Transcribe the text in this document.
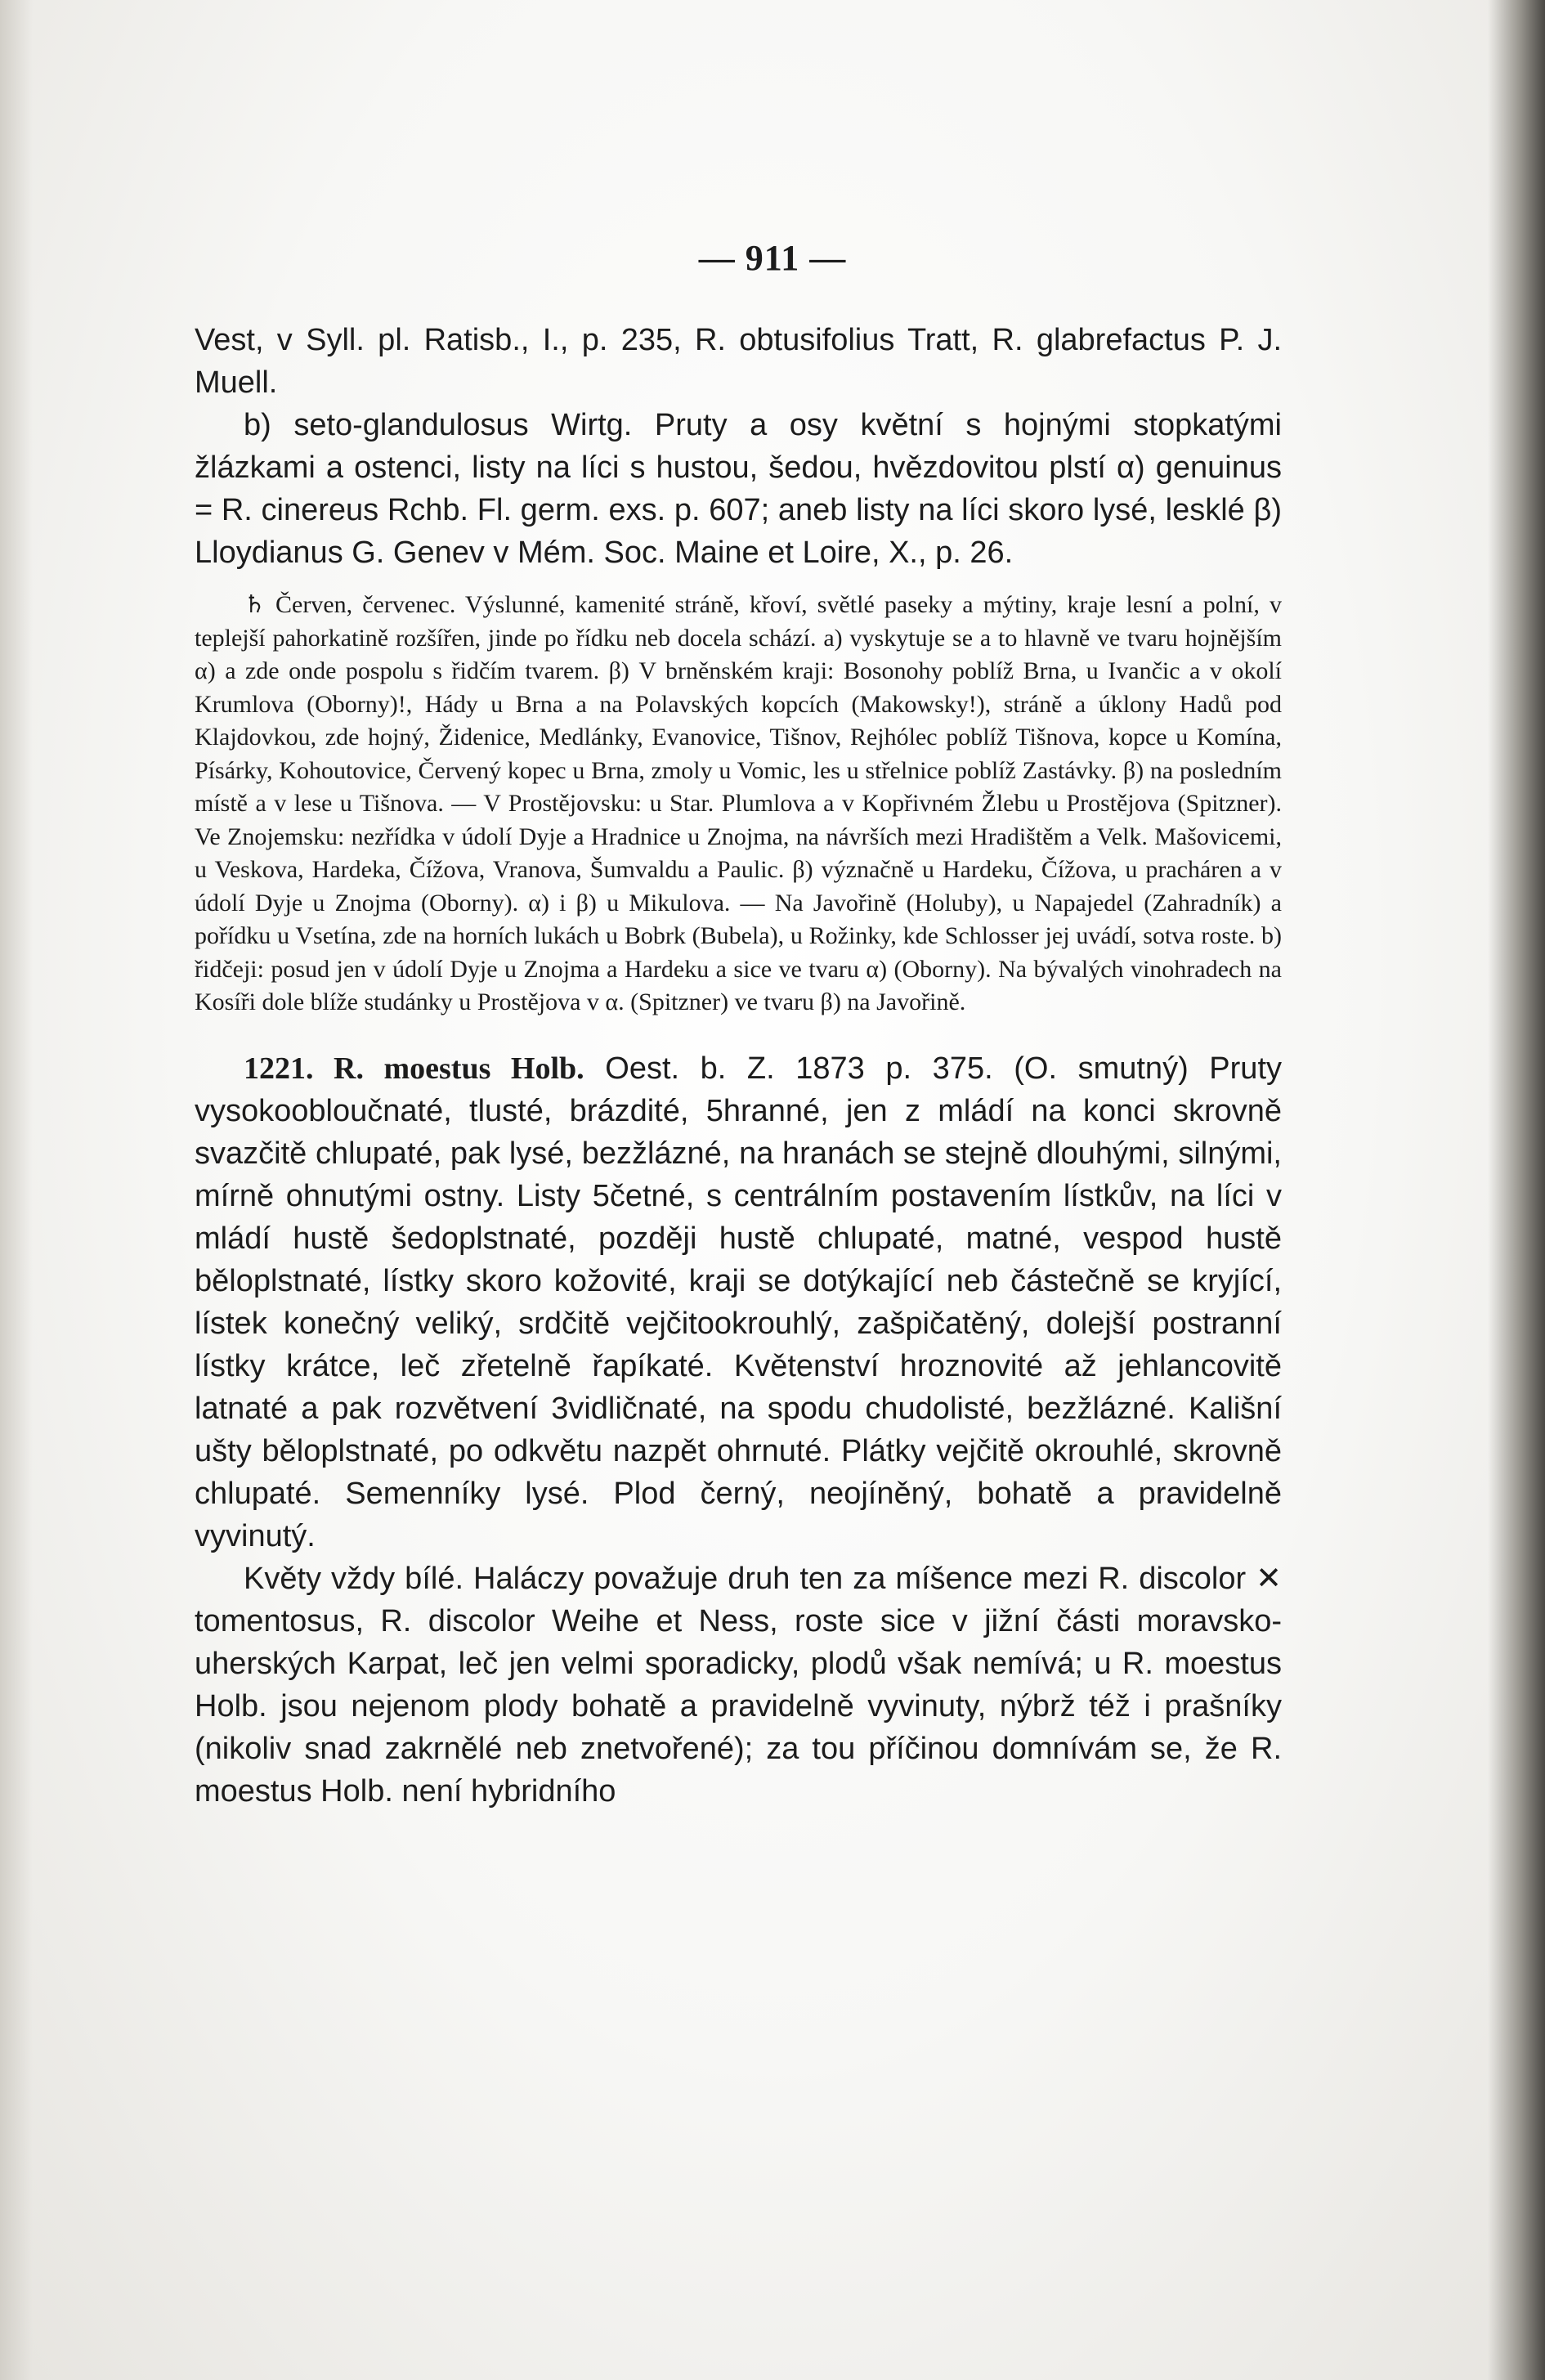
— 911 —

Vest, v Syll. pl. Ratisb., I., p. 235, R. obtusifolius Tratt, R. glabrefactus P. J. Muell.

b) seto-glandulosus Wirtg. Pruty a osy květní s hojnými stopkatými žlázkami a ostenci, listy na líci s hustou, šedou, hvězdovitou plstí α) genuinus = R. cinereus Rchb. Fl. germ. exs. p. 607; aneb listy na líci skoro lysé, lesklé β) Lloydianus G. Genev v Mém. Soc. Maine et Loire, X., p. 26.

♄ Červen, červenec. Výslunné, kamenité stráně, křoví, světlé paseky a mýtiny, kraje lesní a polní, v teplejší pahorkatině rozšířen, jinde po řídku neb docela schází. a) vyskytuje se a to hlavně ve tvaru hojnějším α) a zde onde pospolu s řidčím tvarem. β) V brněnském kraji: Bosonohy poblíž Brna, u Ivančic a v okolí Krumlova (Oborny)!, Hády u Brna a na Polavských kopcích (Makowsky!), stráně a úklony Hadů pod Klajdovkou, zde hojný, Židenice, Medlánky, Evanovice, Tišnov, Rejhólec poblíž Tišnova, kopce u Komína, Písárky, Kohoutovice, Červený kopec u Brna, zmoly u Vomic, les u střelnice poblíž Zastávky. β) na posledním místě a v lese u Tišnova. — V Prostějovsku: u Star. Plumlova a v Kopřivném Žlebu u Prostějova (Spitzner). Ve Znojemsku: nezřídka v údolí Dyje a Hradnice u Znojma, na návrších mezi Hradištěm a Velk. Mašovicemi, u Veskova, Hardeka, Čížova, Vranova, Šumvaldu a Paulic. β) význačně u Hardeku, Čížova, u pracháren a v údolí Dyje u Znojma (Oborny). α) i β) u Mikulova. — Na Javořině (Holuby), u Napajedel (Zahradník) a pořídku u Vsetína, zde na horních lukách u Bobrk (Bubela), u Rožinky, kde Schlosser jej uvádí, sotva roste. b) řidčeji: posud jen v údolí Dyje u Znojma a Hardeku a sice ve tvaru α) (Oborny). Na bývalých vinohradech na Kosíři dole blíže studánky u Prostějova v α. (Spitzner) ve tvaru β) na Javořině.

1221. R. moestus Holb. Oest. b. Z. 1873 p. 375. (O. smutný) Pruty vysokoobloučnaté, tlusté, brázdité, 5hranné, jen z mládí na konci skrovně svazčitě chlupaté, pak lysé, bezžlázné, na hranách se stejně dlouhými, silnými, mírně ohnutými ostny. Listy 5četné, s centrálním postavením lístkův, na líci v mládí hustě šedoplstnaté, později hustě chlupaté, matné, vespod hustě běloplstnaté, lístky skoro kožovité, kraji se dotýkající neb částečně se kryjící, lístek konečný veliký, srdčitě vejčitookrouhlý, zašpičatěný, dolejší postranní lístky krátce, leč zřetelně řapíkaté. Květenství hroznovité až jehlancovitě latnaté a pak rozvětvení 3vidličnaté, na spodu chudolisté, bezžlázné. Kališní ušty běloplstnaté, po odkvětu nazpět ohrnuté. Plátky vejčitě okrouhlé, skrovně chlupaté. Semenníky lysé. Plod černý, neojíněný, bohatě a pravidelně vyvinutý.

Květy vždy bílé. Haláczy považuje druh ten za míšence mezi R. discolor ✕ tomentosus, R. discolor Weihe et Ness, roste sice v jižní části moravsko-uherských Karpat, leč jen velmi sporadicky, plodů však nemívá; u R. moestus Holb. jsou nejenom plody bohatě a pravidelně vyvinuty, nýbrž též i prašníky (nikoliv snad zakrnělé neb znetvořené); za tou příčinou domnívám se, že R. moestus Holb. není hybridního
